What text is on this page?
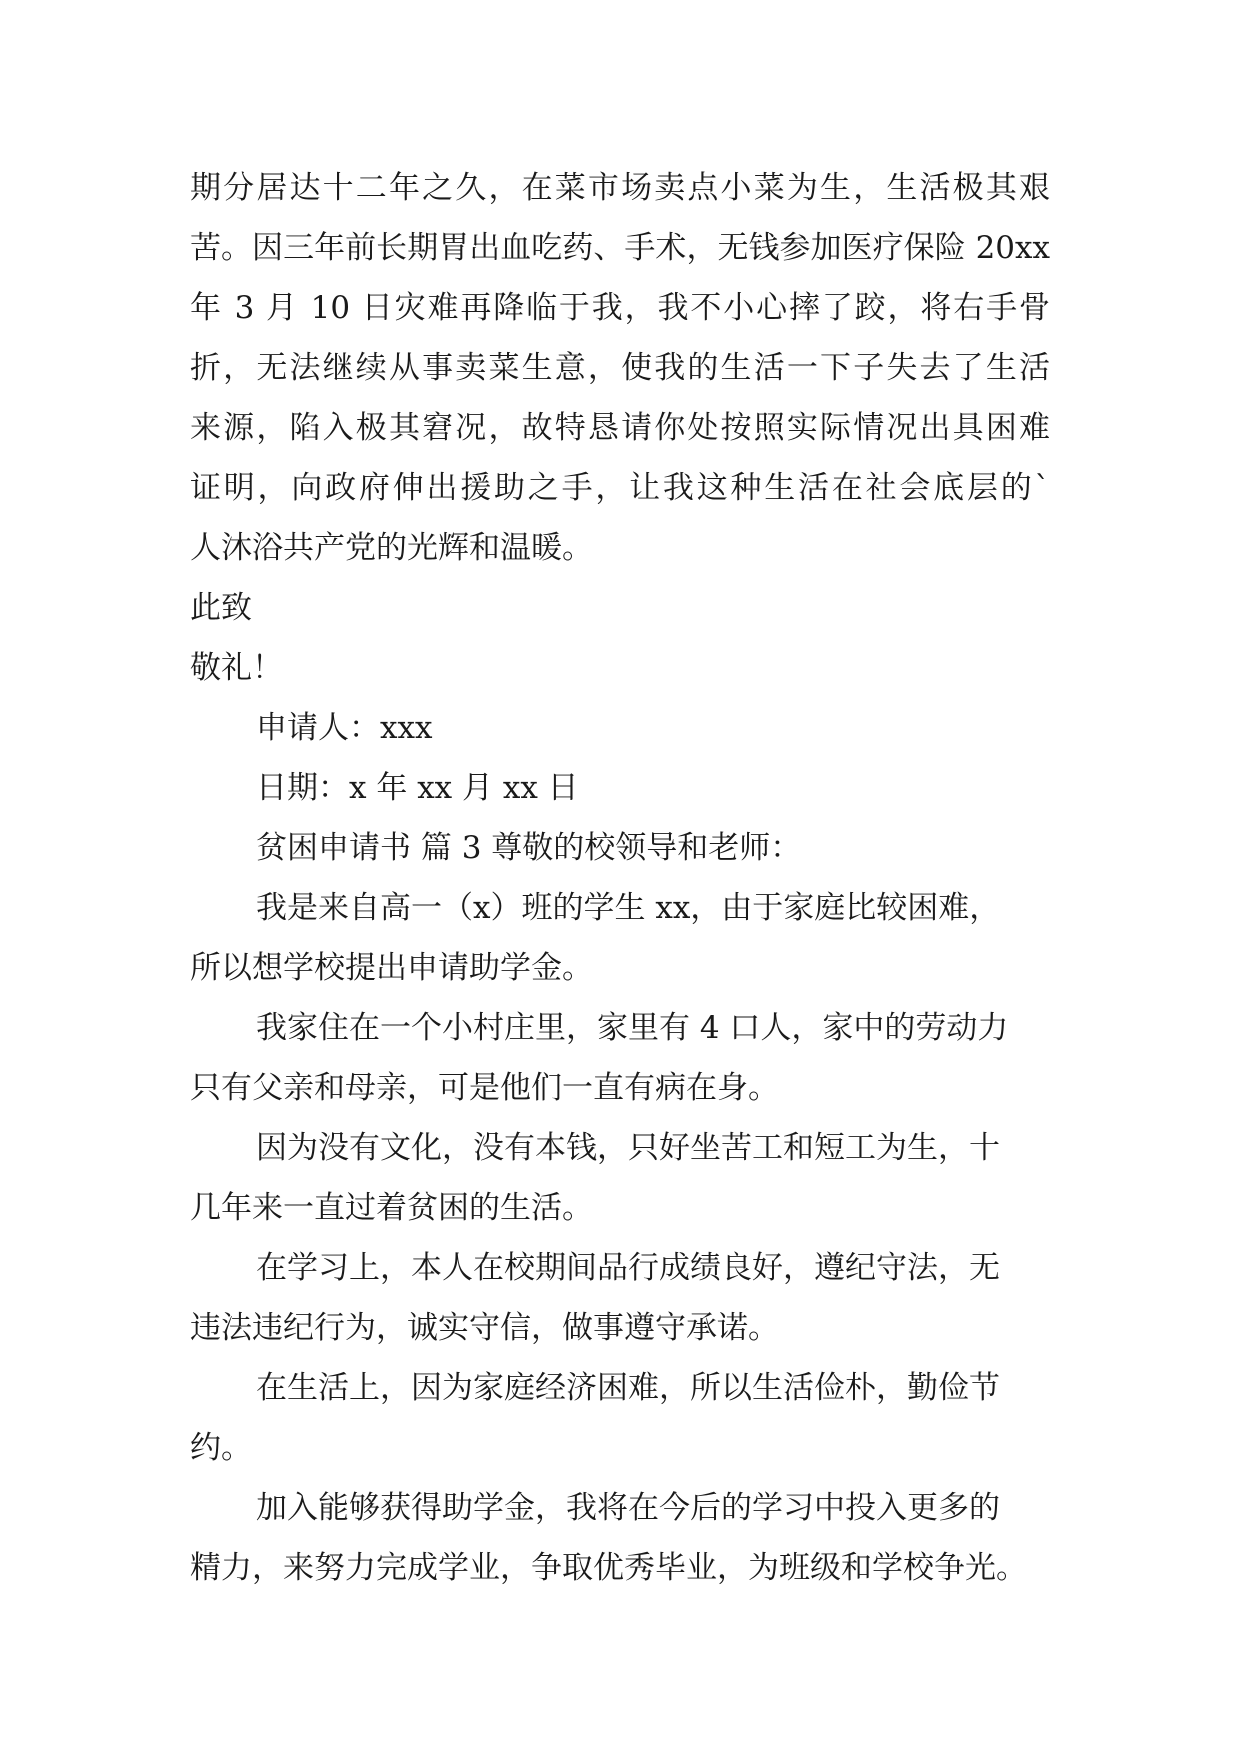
期分居达十二年之久，在菜市场卖点小菜为生，生活极其艰
苦。因三年前长期胃出血吃药、手术，无钱参加医疗保险 20xx
年 3 月 10 日灾难再降临于我，我不小心摔了跤，将右手骨
折，无法继续从事卖菜生意，使我的生活一下子失去了生活
来源，陷入极其窘况，故特恳请你处按照实际情况出具困难
证明，向政府伸出援助之手，让我这种生活在社会底层的`
人沐浴共产党的光辉和温暖。
此致
敬礼！
申请人：xxx
日期：x 年 xx 月 xx 日
贫困申请书 篇 3 尊敬的校领导和老师：
我是来自高一（x）班的学生 xx，由于家庭比较困难，
所以想学校提出申请助学金。
我家住在一个小村庄里，家里有 4 口人，家中的劳动力
只有父亲和母亲，可是他们一直有病在身。
因为没有文化，没有本钱，只好坐苦工和短工为生，十
几年来一直过着贫困的生活。
在学习上，本人在校期间品行成绩良好，遵纪守法，无
违法违纪行为，诚实守信，做事遵守承诺。
在生活上，因为家庭经济困难，所以生活俭朴，勤俭节
约。
加入能够获得助学金，我将在今后的学习中投入更多的
精力，来努力完成学业，争取优秀毕业，为班级和学校争光。
